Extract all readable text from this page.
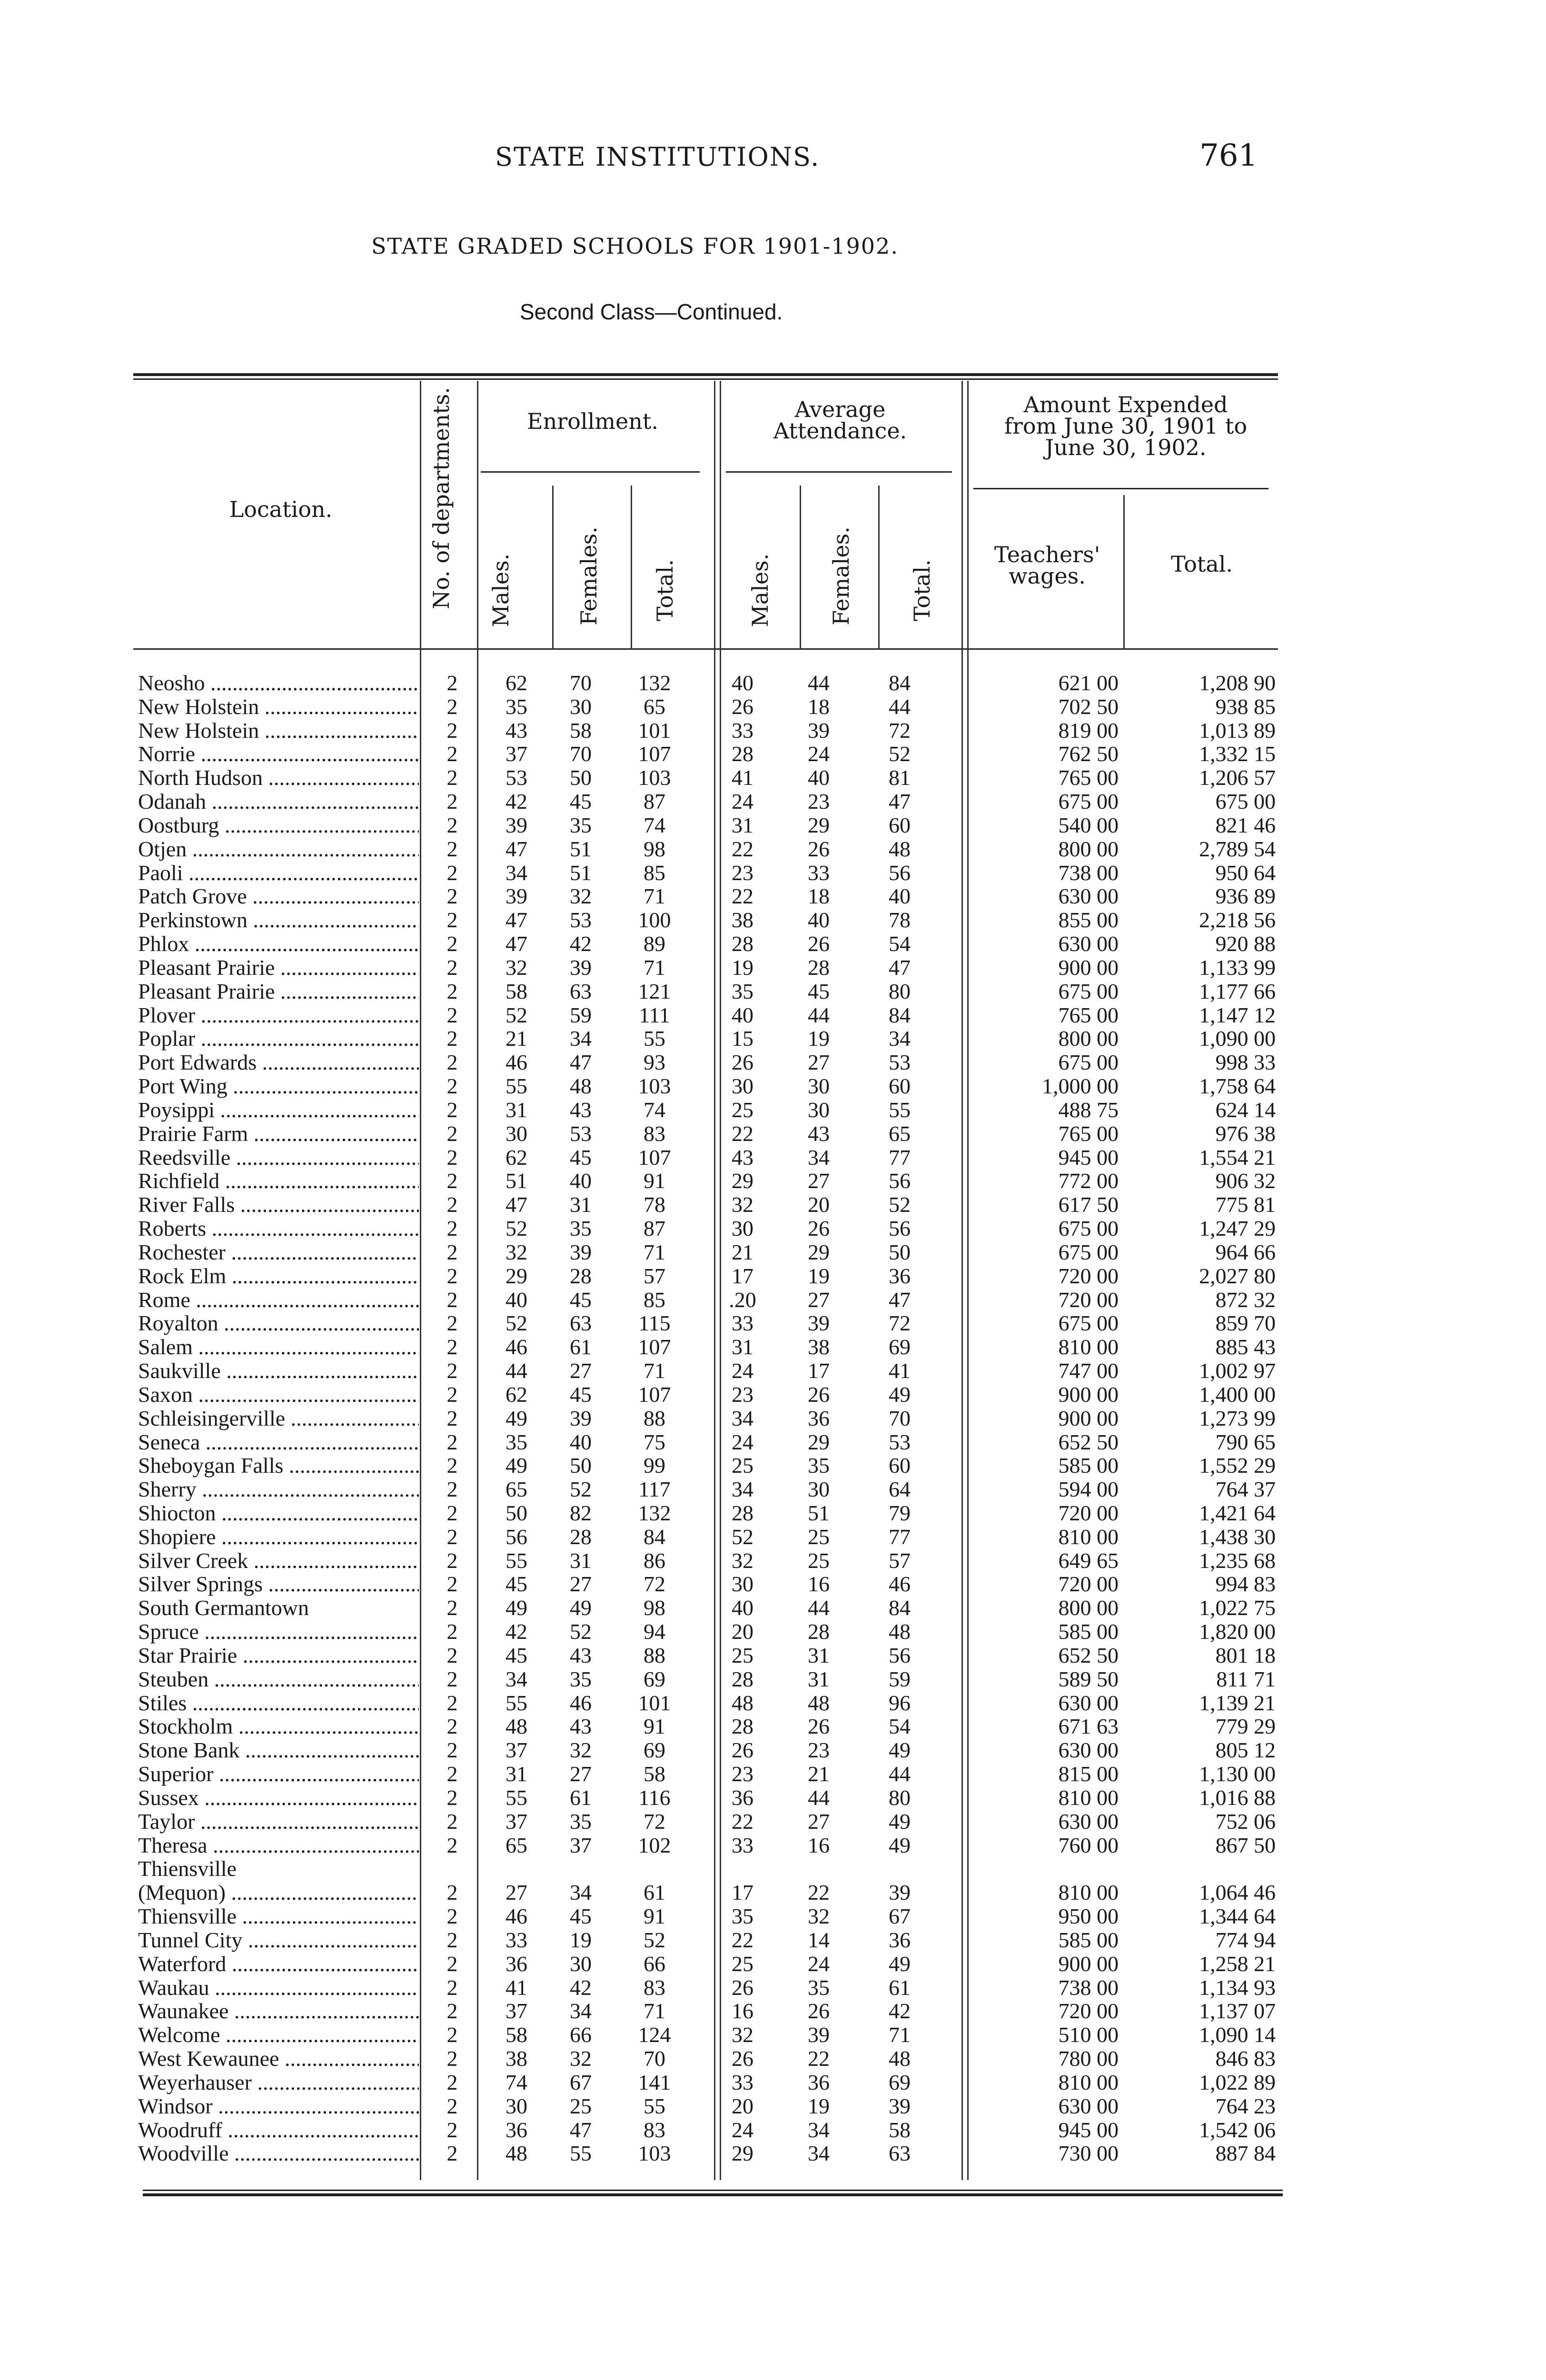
STATE INSTITUTIONS.	761
STATE GRADED SCHOOLS FOR 1901-1902.
Second Class—Continued.
Location.	No. of departments.	Enrollment.	Average
Attendance.
Amount Expended
from June 30, 1901 to
June 30, 1902.
Males.	Females. Total.	Males.	Females.	Total.
Teachers'
wages.	Total.
Neosho .....	2	62	70	132	40	44	84	621 00	1,208 90
New Holstein .....	2	35	30	65	26	18	44	702 50	938 85
New Holstein .....	2	43	58	101	33	39	72	819 00	1,013 89
Norrie .....	2	37	70	107	28	24	52	762 50	1,332 15
North Hudson .....	2	53	50	103	41	40	81	765 00	1,206 57
Odanah .....	2	42	45	87	24	23	47	675 00	675 00
Oostburg .....	2	39	35	74	31	29	60	540 00	821 46
Otjen .....	2	47	51	98	22	26	48	800 00	2,789 54
Paoli .....	2	34	51	85	23	33	56	738 00	950 64
Patch Grove .....	2	39	32	71	22	18	40	630 00	936 89
Perkinstown .....	2	47	53	100	38	40	78	855 00	2,218 56
Phlox .....	2	47	42	89	28	26	54	630 00	920 88
Pleasant Prairie .....	2	32	39	71	19	28	47	900 00	1,133 99
Pleasant Prairie .....	2	58	63	121	35	45	80	675 00	1,177 66
Plover .....	2	52	59	111	40	44	84	765 00	1,147 12
Poplar .....	2	21	34	55	15	19	34	800 00	1,090 00
Port Edwards .....	2	46	47	93	26	27	53	675 00	998 33
Port Wing .....	2	55	48	103	30	30	60	1,000 00	1,758 64
Poysippi .....	2	31	43	74	25	30	55	488 75	624 14
Prairie Farm .....	2	30	53	83	22	43	65	765 00	976 38
Reedsville .....	2	62	45	107	43	34	77	945 00	1,554 21
Richfield .....	2	51	40	91	29	27	56	772 00	906 32
River Falls .....	2	47	31	78	32	20	52	617 50	775 81
Roberts .....	2	52	35	87	30	26	56	675 00	1,247 29
Rochester .....	2	32	39	71	21	29	50	675 00	964 66
Rock Elm .....	2	29	28	57	17	19	36	720 00	2,027 80
Rome .....	2	40	45	85	.20	27	47	720 00	872 32
Royalton .....	2	52	63	115	33	39	72	675 00	859 70
Salem .....	2	46	61	107	31	38	69	810 00	885 43
Saukville .....	2	44	27	71	24	17	41	747 00	1,002 97
Saxon .....	2	62	45	107	23	26	49	900 00	1,400 00
Schleisingerville .....	2	49	39	88	34	36	70	900 00	1,273 99
Seneca .....	2	35	40	75	24	29	53	652 50	790 65
Sheboygan Falls .....	2	49	50	99	25	35	60	585 00	1,552 29
Sherry .....	2	65	52	117	34	30	64	594 00	764 37
Shiocton .....	2	50	82	132	28	51	79	720 00	1,421 64
Shopiere .....	2	56	28	84	52	25	77	810 00	1,438 30
Silver Creek .....	2	55	31	86	32	25	57	649 65	1,235 68
Silver Springs .....	2	45	27	72	30	16	46	720 00	994 83
South Germantown	2	49	49	98	40	44	84	800 00	1,022 75
Spruce .....	2	42	52	94	20	28	48	585 00	1,820 00
Star Prairie .....	2	45	43	88	25	31	56	652 50	801 18
Steuben .....	2	34	35	69	28	31	59	589 50	811 71
Stiles .....	2	55	46	101	48	48	96	630 00	1,139 21
Stockholm .....	2	48	43	91	28	26	54	671 63	779 29
Stone Bank .....	2	37	32	69	26	23	49	630 00	805 12
Superior .....	2	31	27	58	23	21	44	815 00	1,130 00
Sussex .....	2	55	61	116	36	44	80	810 00	1,016 88
Taylor .....	2	37	35	72	22	27	49	630 00	752 06
Theresa .....	2	65	37	102	33	16	49	760 00	867 50
Thiensville
(Mequon) .....	2	27	34	61	17	22	39	810 00	1,064 46
Thiensville .....	2	46	45	91	35	32	67	950 00	1,344 64
Tunnel City .....	2	33	19	52	22	14	36	585 00	774 94
Waterford .....	2	36	30	66	25	24	49	900 00	1,258 21
Waukau .....	2	41	42	83	26	35	61	738 00	1,134 93
Waunakee .....	2	37	34	71	16	26	42	720 00	1,137 07
Welcome .....	2	58	66	124	32	39	71	510 00	1,090 14
West Kewaunee .....	2	38	32	70	26	22	48	780 00	846 83
Weyerhauser .....	2	74	67	141	33	36	69	810 00	1,022 89
Windsor .....	2	30	25	55	20	19	39	630 00	764 23
Woodruff .....	2	36	47	83	24	34	58	945 00	1,542 06
Woodville .....	2	48	55	103	29	34	63	730 00	887 84
